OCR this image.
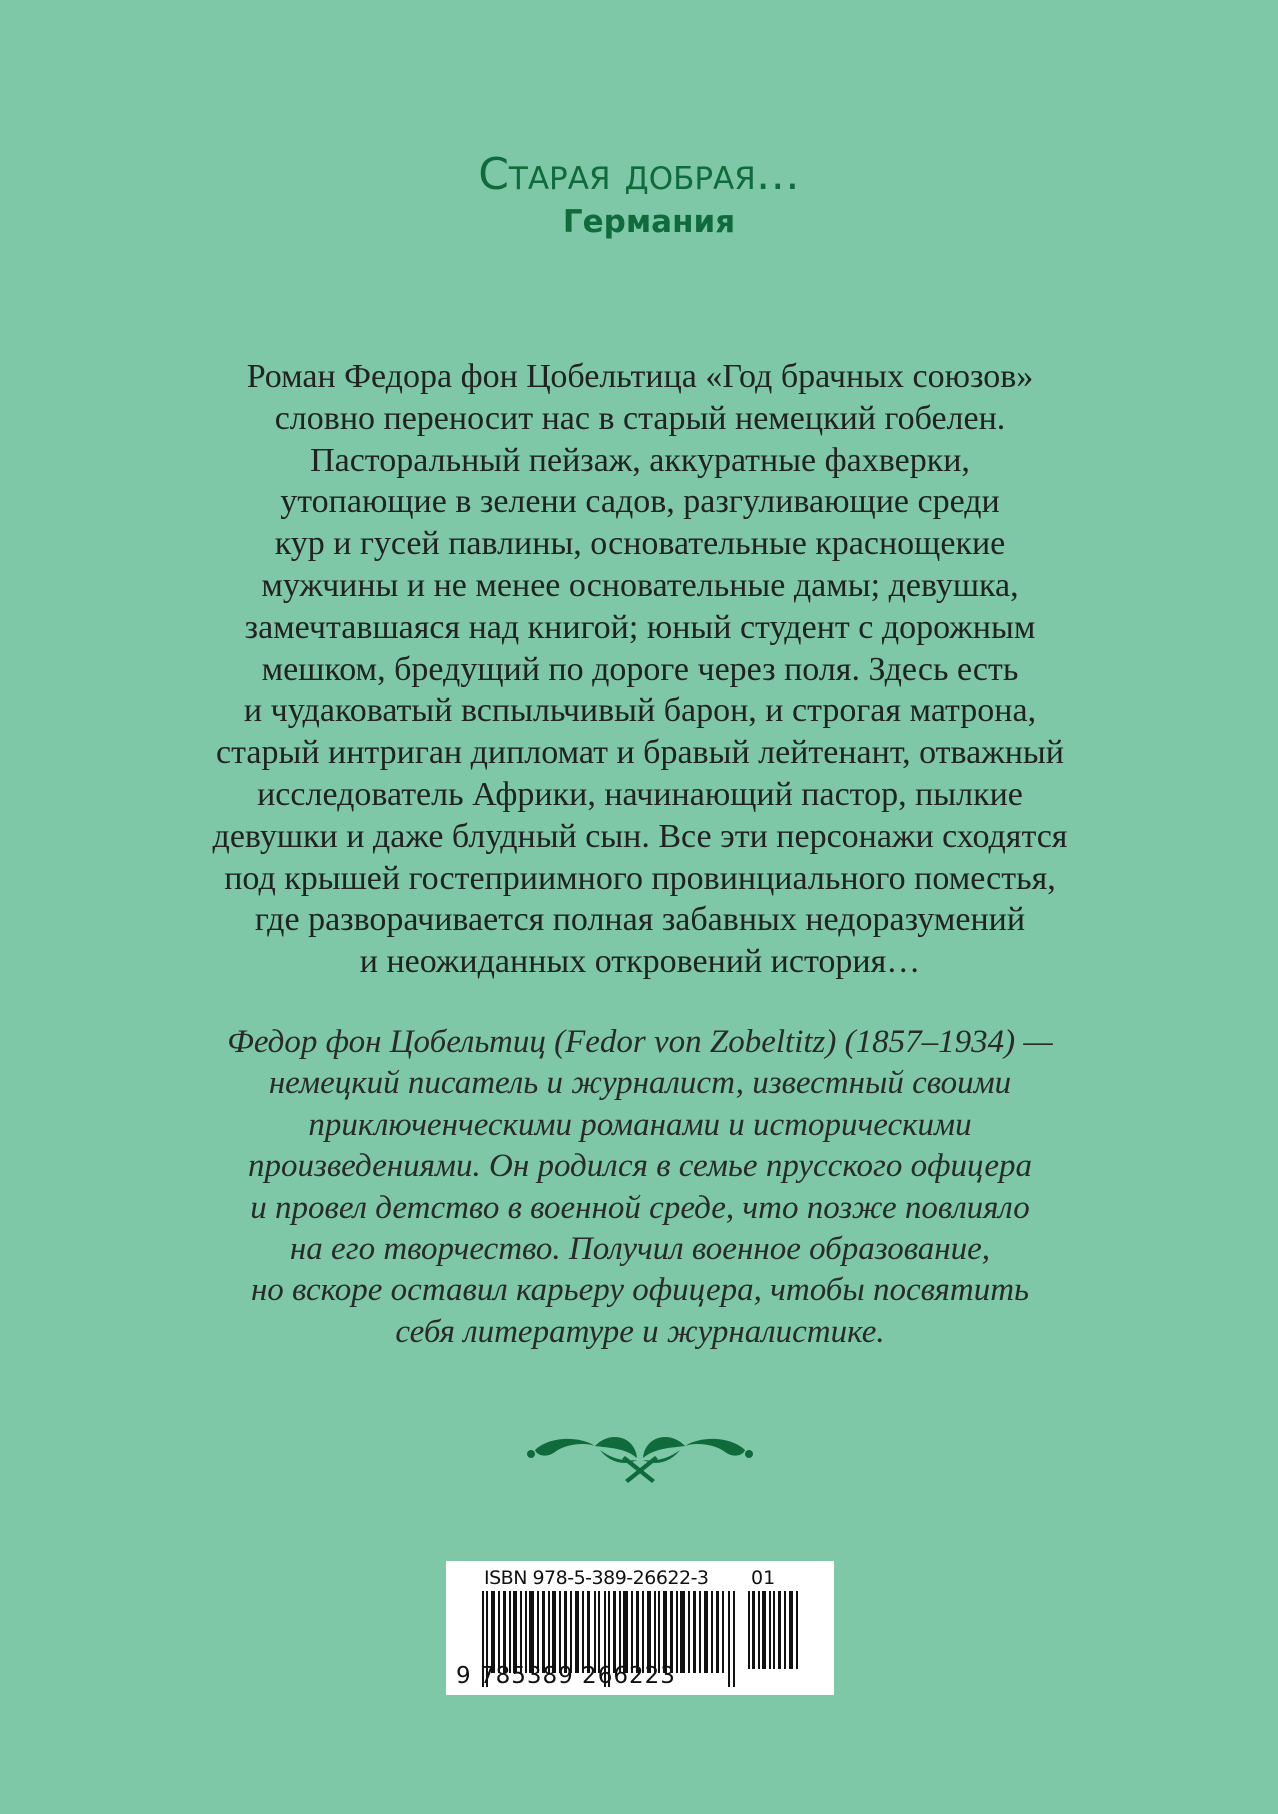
Старая добрая…
Германия
Роман Федора фон Цобельтица «Год брачных союзов»
словно переносит нас в старый немецкий гобелен.
Пасторальный пейзаж, аккуратные фахверки,
утопающие в зелени садов, разгуливающие среди
кур и гусей павлины, основательные краснощекие
мужчины и не менее основательные дамы; девушка,
замечтавшаяся над книгой; юный студент с дорожным
мешком, бредущий по дороге через поля. Здесь есть
и чудаковатый вспыльчивый барон, и строгая матрона,
старый интриган дипломат и бравый лейтенант, отважный
исследователь Африки, начинающий пастор, пылкие
девушки и даже блудный сын. Все эти персонажи сходятся
под крышей гостеприимного провинциального поместья,
где разворачивается полная забавных недоразумений
и неожиданных откровений история…
Федор фон Цобельтиц (Fedor von Zobeltitz) (1857–1934) —
немецкий писатель и журналист, известный своими
приключенческими романами и историческими
произведениями. Он родился в семье прусского офицера
и провел детство в военной среде, что позже повлияло
на его творчество. Получил военное образование,
но вскоре оставил карьеру офицера, чтобы посвятить
себя литературе и журналистике.
ISBN 978-5-389-26622-3 01
9 785389 266223
